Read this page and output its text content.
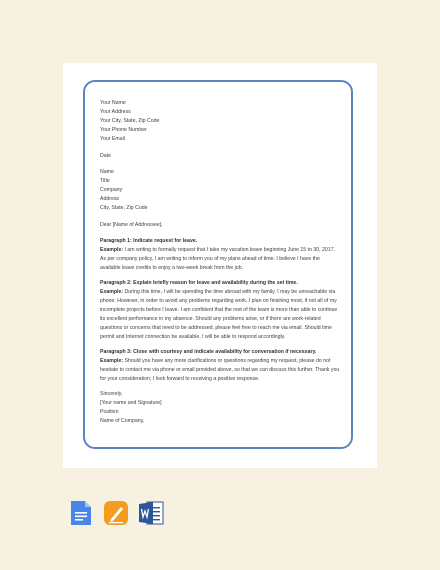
Your Name
Your Address
Your City, State, Zip Code
Your Phone Number
Your Email
Date
Name
Title
Company
Address
City, State, Zip Code
Dear [Name of Addressee],

Paragraph 1: Indicate request for leave.
Example: I am writing to formally request that I take my vacation leave beginning June 15 to 30, 2017. As per company policy, I am writing to inform you of my plans ahead of time. I believe I have the available leave credits to enjoy a two-week break from the job.

Paragraph 2: Explain briefly reason for leave and availability during the set time.
Example: During this time, I will be spending the time abroad with my family. I may be unreachable via phone. However, in order to avoid any problems regarding work, I plan on finishing most, if not all of my incomplete projects before I leave. I am confident that the rest of the team is more than able to continue its excellent performance in my absence. Should any problems arise, or if there are work-related questions or concerns that need to be addressed, please feel free to reach me via email. Should time permit and Internet connection be available, I will be able to respond accordingly.

Paragraph 3: Close with courtesy and indicate availability for conversation if necessary.
Example: Should you have any more clarifications or questions regarding my request, please do not hesitate to contact me via phone or email provided above, so that we can discuss this further. Thank you for your consideration; I look forward to receiving a positive response.

Sincerely,
[Your name and Signature]
Position
Name of Company,
